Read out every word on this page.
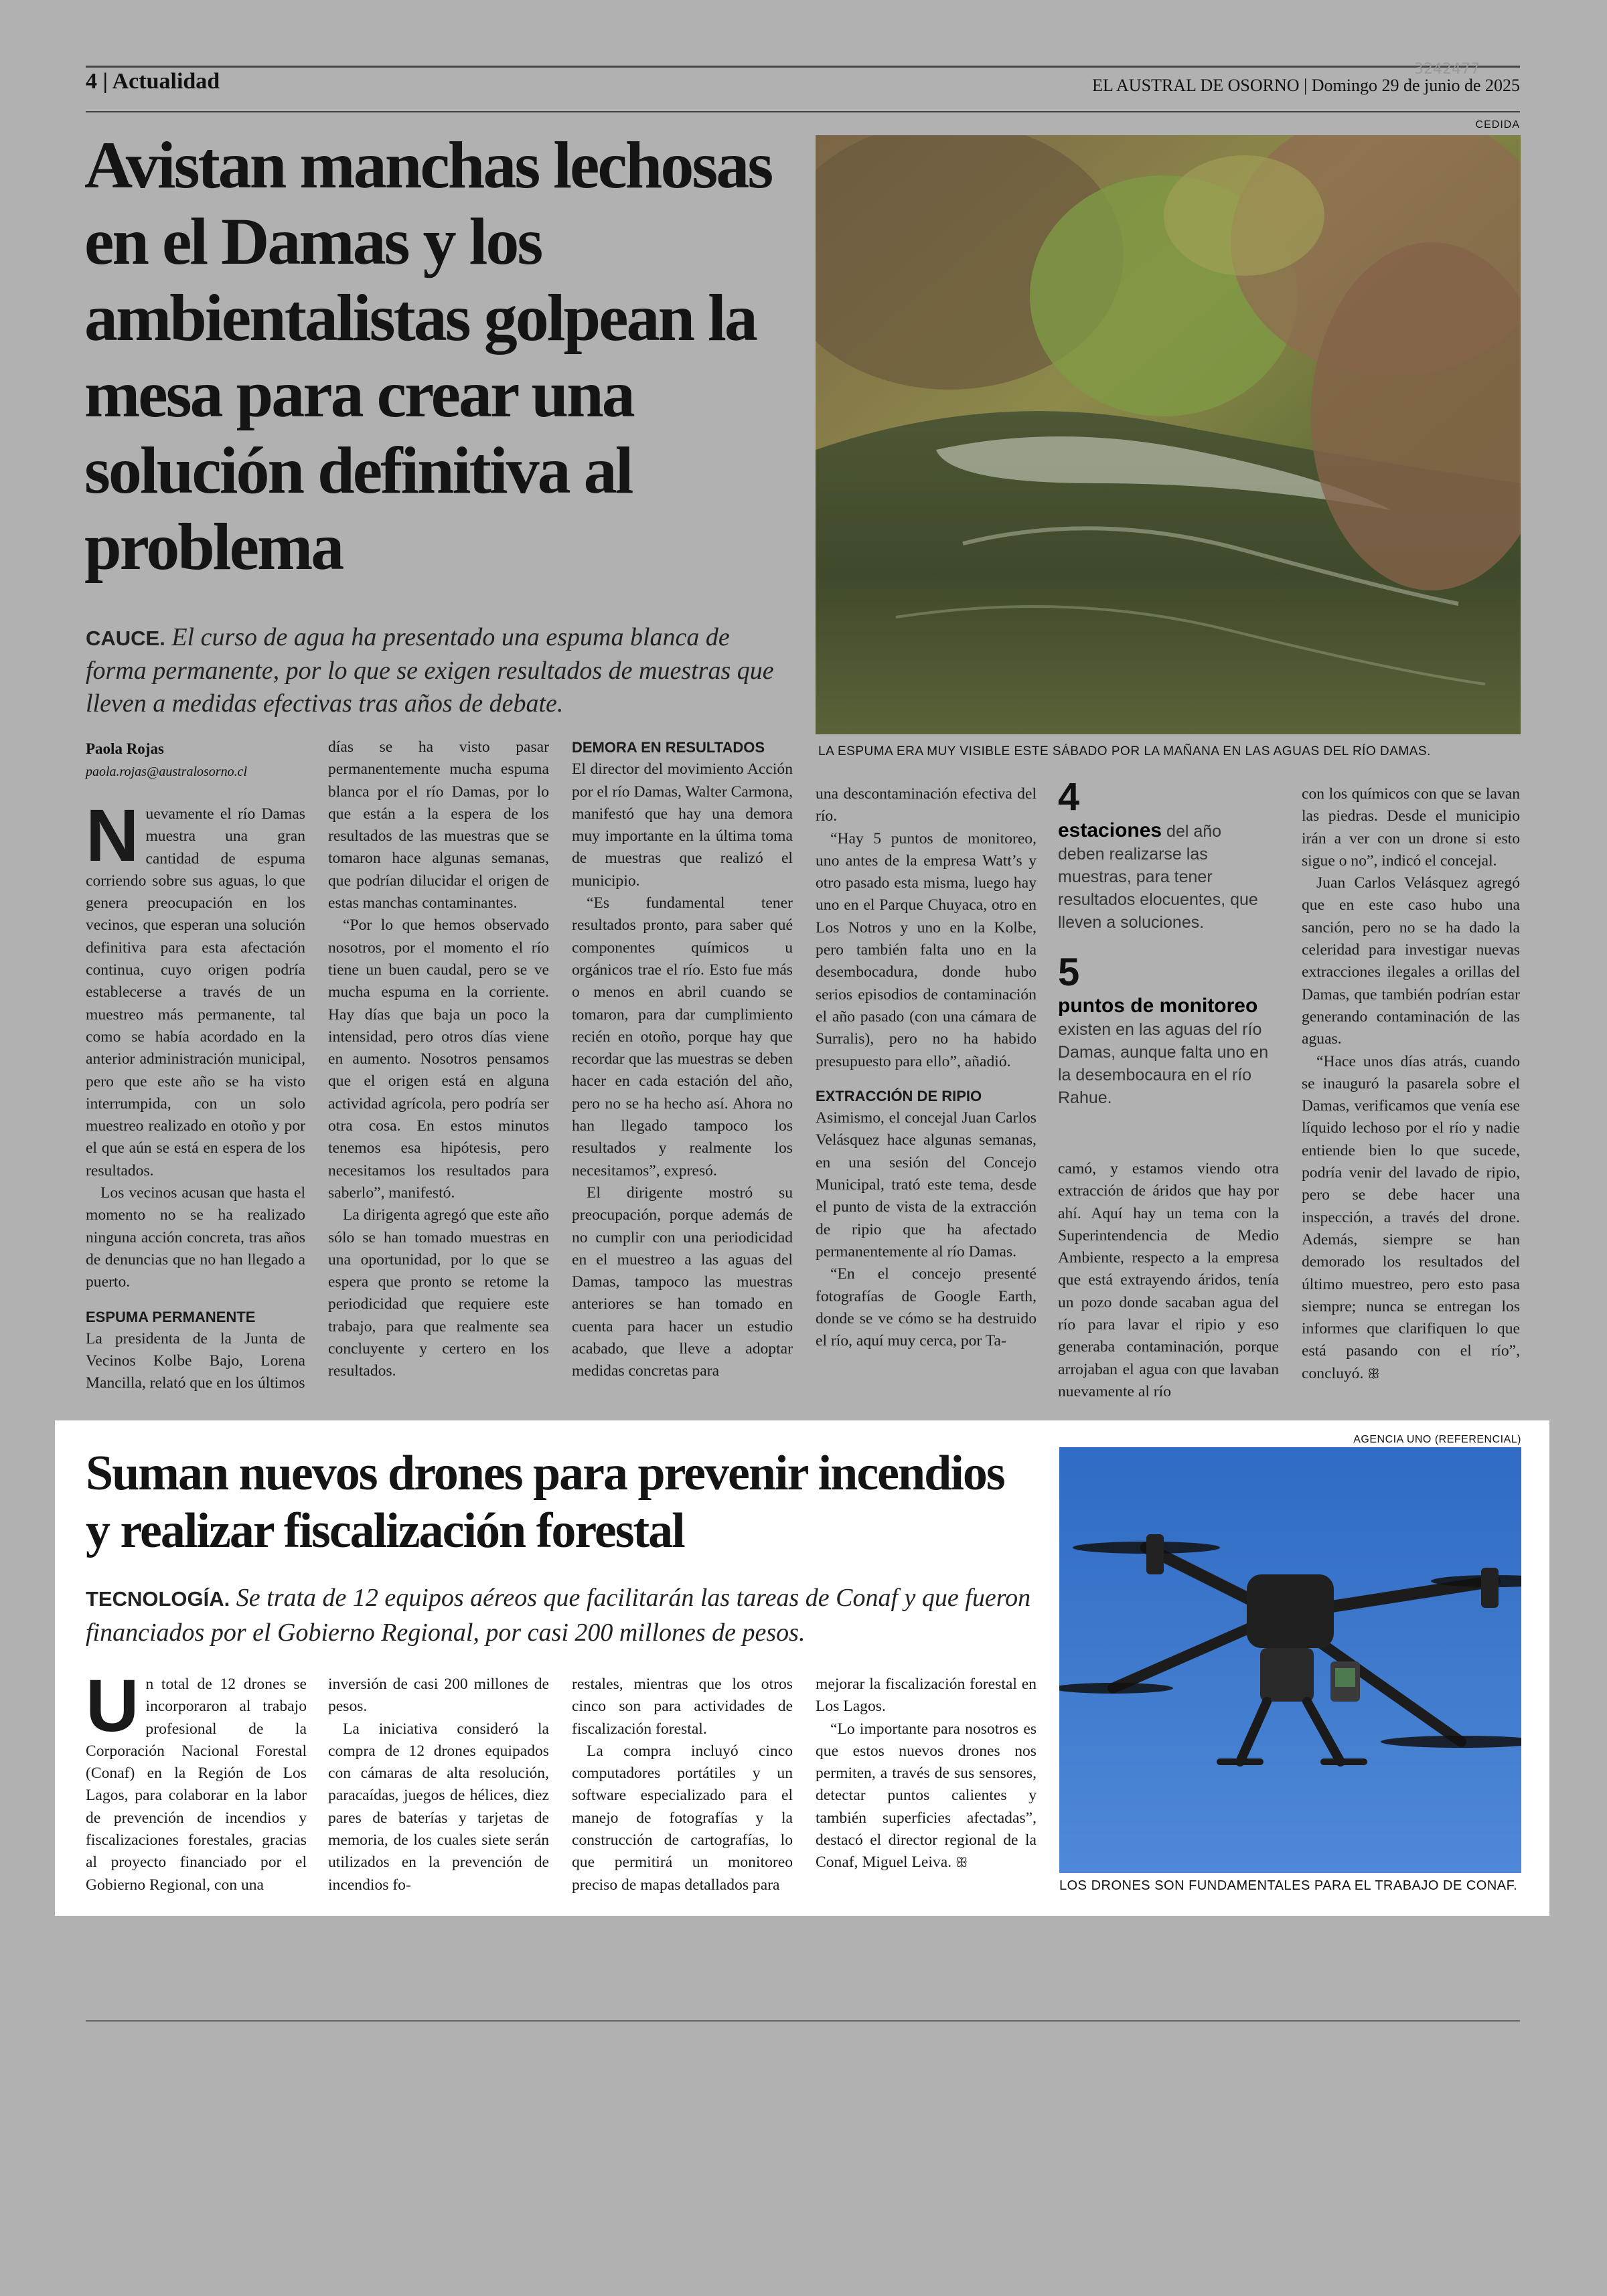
4 | Actualidad	3242477
EL AUSTRAL DE OSORNO | Domingo 29 de junio de 2025
Avistan manchas lechosas en el Damas y los ambientalistas golpean la mesa para crear una solución definitiva al problema
CEDIDA
LA ESPUMA ERA MUY VISIBLE ESTE SÁBADO POR LA MAÑANA EN LAS AGUAS DEL RÍO DAMAS.
CAUCE. El curso de agua ha presentado una espuma blanca de forma permanente, por lo que se exigen resultados de muestras que lleven a medidas efectivas tras años de debate.
Paola Rojas
paola.rojas@australosorno.cl

Nuevamente el río Damas muestra una gran cantidad de espuma corriendo sobre sus aguas, lo que genera preocupación en los vecinos, que esperan una solución definitiva para esta afectación continua, cuyo origen podría establecerse a través de un muestreo más permanente, tal como se había acordado en la anterior administración municipal, pero que este año se ha visto interrumpida, con un solo muestreo realizado en otoño y por el que aún se está en espera de los resultados.

Los vecinos acusan que hasta el momento no se ha realizado ninguna acción concreta, tras años de denuncias que no han llegado a puerto.

ESPUMA PERMANENTE

La presidenta de la Junta de Vecinos Kolbe Bajo, Lorena Mancilla, relató que en los últimos

días se ha visto pasar permanentemente mucha espuma blanca por el río Damas, por lo que están a la espera de los resultados de las muestras que se tomaron hace algunas semanas, que podrían dilucidar el origen de estas manchas contaminantes.

“Por lo que hemos observado nosotros, por el momento el río tiene un buen caudal, pero se ve mucha espuma en la corriente. Hay días que baja un poco la intensidad, pero otros días viene en aumento. Nosotros pensamos que el origen está en alguna actividad agrícola, pero podría ser otra cosa. En estos minutos tenemos esa hipótesis, pero necesitamos los resultados para saberlo”, manifestó.

La dirigenta agregó que este año sólo se han tomado muestras en una oportunidad, por lo que se espera que pronto se retome la periodicidad que requiere este trabajo, para que realmente sea concluyente y certero en los resultados.

DEMORA EN RESULTADOS

El director del movimiento Acción por el río Damas, Walter Carmona, manifestó que hay una demora muy importante en la última toma de muestras que realizó el municipio.

“Es fundamental tener resultados pronto, para saber qué componentes químicos u orgánicos trae el río. Esto fue más o menos en abril cuando se tomaron, para dar cumplimiento recién en otoño, porque hay que recordar que las muestras se deben hacer en cada estación del año, pero no se ha hecho así. Ahora no han llegado tampoco los resultados y realmente los necesitamos”, expresó.

El dirigente mostró su preocupación, porque además de no cumplir con una periodicidad en el muestreo a las aguas del Damas, tampoco las muestras anteriores se han tomado en cuenta para hacer un estudio acabado, que lleve a adoptar medidas concretas para

una descontaminación efectiva del río.

“Hay 5 puntos de monitoreo, uno antes de la empresa Watt’s y otro pasado esta misma, luego hay uno en el Parque Chuyaca, otro en Los Notros y uno en la Kolbe, pero también falta uno en la desembocadura, donde hubo serios episodios de contaminación el año pasado (con una cámara de Surralis), pero no ha habido presupuesto para ello”, añadió.

EXTRACCIÓN DE RIPIO

Asimismo, el concejal Juan Carlos Velásquez hace algunas semanas, en una sesión del Concejo Municipal, trató este tema, desde el punto de vista de la extracción de ripio que ha afectado permanentemente al río Damas.

“En el concejo presenté fotografías de Google Earth, donde se ve cómo se ha destruido el río, aquí muy cerca, por Ta-

4
estaciones del año deben realizarse las muestras, para tener resultados elocuentes, que lleven a soluciones.
5
puntos de monitoreo
existen en las aguas del río Damas, aunque falta uno en la desembocaura en el río Rahue.

camó, y estamos viendo otra extracción de áridos que hay por ahí. Aquí hay un tema con la Superintendencia de Medio Ambiente, respecto a la empresa que está extrayendo áridos, tenía un pozo donde sacaban agua del río para lavar el ripio y eso generaba contaminación, porque arrojaban el agua con que lavaban nuevamente al río

con los químicos con que se lavan las piedras. Desde el municipio irán a ver con un drone si esto sigue o no”, indicó el concejal.

Juan Carlos Velásquez agregó que en este caso hubo una sanción, pero no se ha dado la celeridad para investigar nuevas extracciones ilegales a orillas del Damas, que también podrían estar generando contaminación de las aguas.

“Hace unos días atrás, cuando se inauguró la pasarela sobre el Damas, verificamos que venía ese líquido lechoso por el río y nadie entiende bien lo que sucede, podría venir del lavado de ripio, pero se debe hacer una inspección, a través del drone. Además, siempre se han demorado los resultados del último muestreo, pero esto pasa siempre; nunca se entregan los informes que clarifiquen lo que está pasando con el río”, concluyó. ꕥ

Suman nuevos drones para prevenir incendios y realizar fiscalización forestal
TECNOLOGÍA. Se trata de 12 equipos aéreos que facilitarán las tareas de Conaf y que fueron financiados por el Gobierno Regional, por casi 200 millones de pesos.
AGENCIA UNO (REFERENCIAL)
LOS DRONES SON FUNDAMENTALES PARA EL TRABAJO DE CONAF.

Un total de 12 drones se incorporaron al trabajo profesional de la Corporación Nacional Forestal (Conaf) en la Región de Los Lagos, para colaborar en la labor de prevención de incendios y fiscalizaciones forestales, gracias al proyecto financiado por el Gobierno Regional, con una

inversión de casi 200 millones de pesos.

La iniciativa consideró la compra de 12 drones equipados con cámaras de alta resolución, paracaídas, juegos de hélices, diez pares de baterías y tarjetas de memoria, de los cuales siete serán utilizados en la prevención de incendios fo-

restales, mientras que los otros cinco son para actividades de fiscalización forestal.

La compra incluyó cinco computadores portátiles y un software especializado para el manejo de fotografías y la construcción de cartografías, lo que permitirá un monitoreo preciso de mapas detallados para

mejorar la fiscalización forestal en Los Lagos.

“Lo importante para nosotros es que estos nuevos drones nos permiten, a través de sus sensores, detectar puntos calientes y también superficies afectadas”, destacó el director regional de la Conaf, Miguel Leiva. ꕥ
